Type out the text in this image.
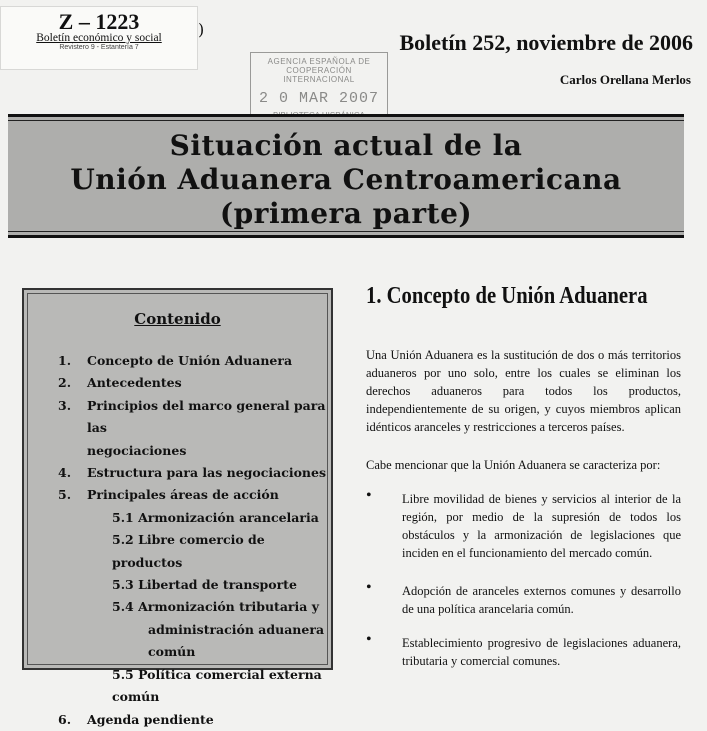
Z – 1223
Boletín económico y social
Revistero 9 - Estantería 7
)
AGENCIA ESPAÑOLA DE
COOPERACIÓN INTERNACIONAL
2 0 MAR 2007
Boletín 252, noviembre de 2006
Carlos Orellana Merlos
Situación actual de la
Unión Aduanera Centroamericana
(primera parte)
Contenido
1. Concepto de Unión Aduanera
2. Antecedentes
3. Principios del marco general para las
negociaciones
4. Estructura para las negociaciones
5. Principales áreas de acción
5.1 Armonización arancelaria
5.2 Libre comercio de productos
5.3 Libertad de transporte
5.4 Armonización tributaria y
administración aduanera común
5.5 Política comercial externa común
6. Agenda pendiente
1. Concepto de Unión Aduanera
Una Unión Aduanera es la sustitución de dos o más territorios aduaneros por uno solo, entre los cuales se eliminan los derechos aduaneros para todos los productos, independientemente de su origen, y cuyos miembros aplican idénticos aranceles y restricciones a terceros países.
Cabe mencionar que la Unión Aduanera se caracteriza por:
• Libre movilidad de bienes y servicios al interior de la región, por medio de la supresión de todos los obstáculos y la armonización de legislaciones que inciden en el funcionamiento del mercado común.
• Adopción de aranceles externos comunes y desarrollo de una política arancelaria común.
• Establecimiento progresivo de legislaciones aduanera, tributaria y comercial comunes.
